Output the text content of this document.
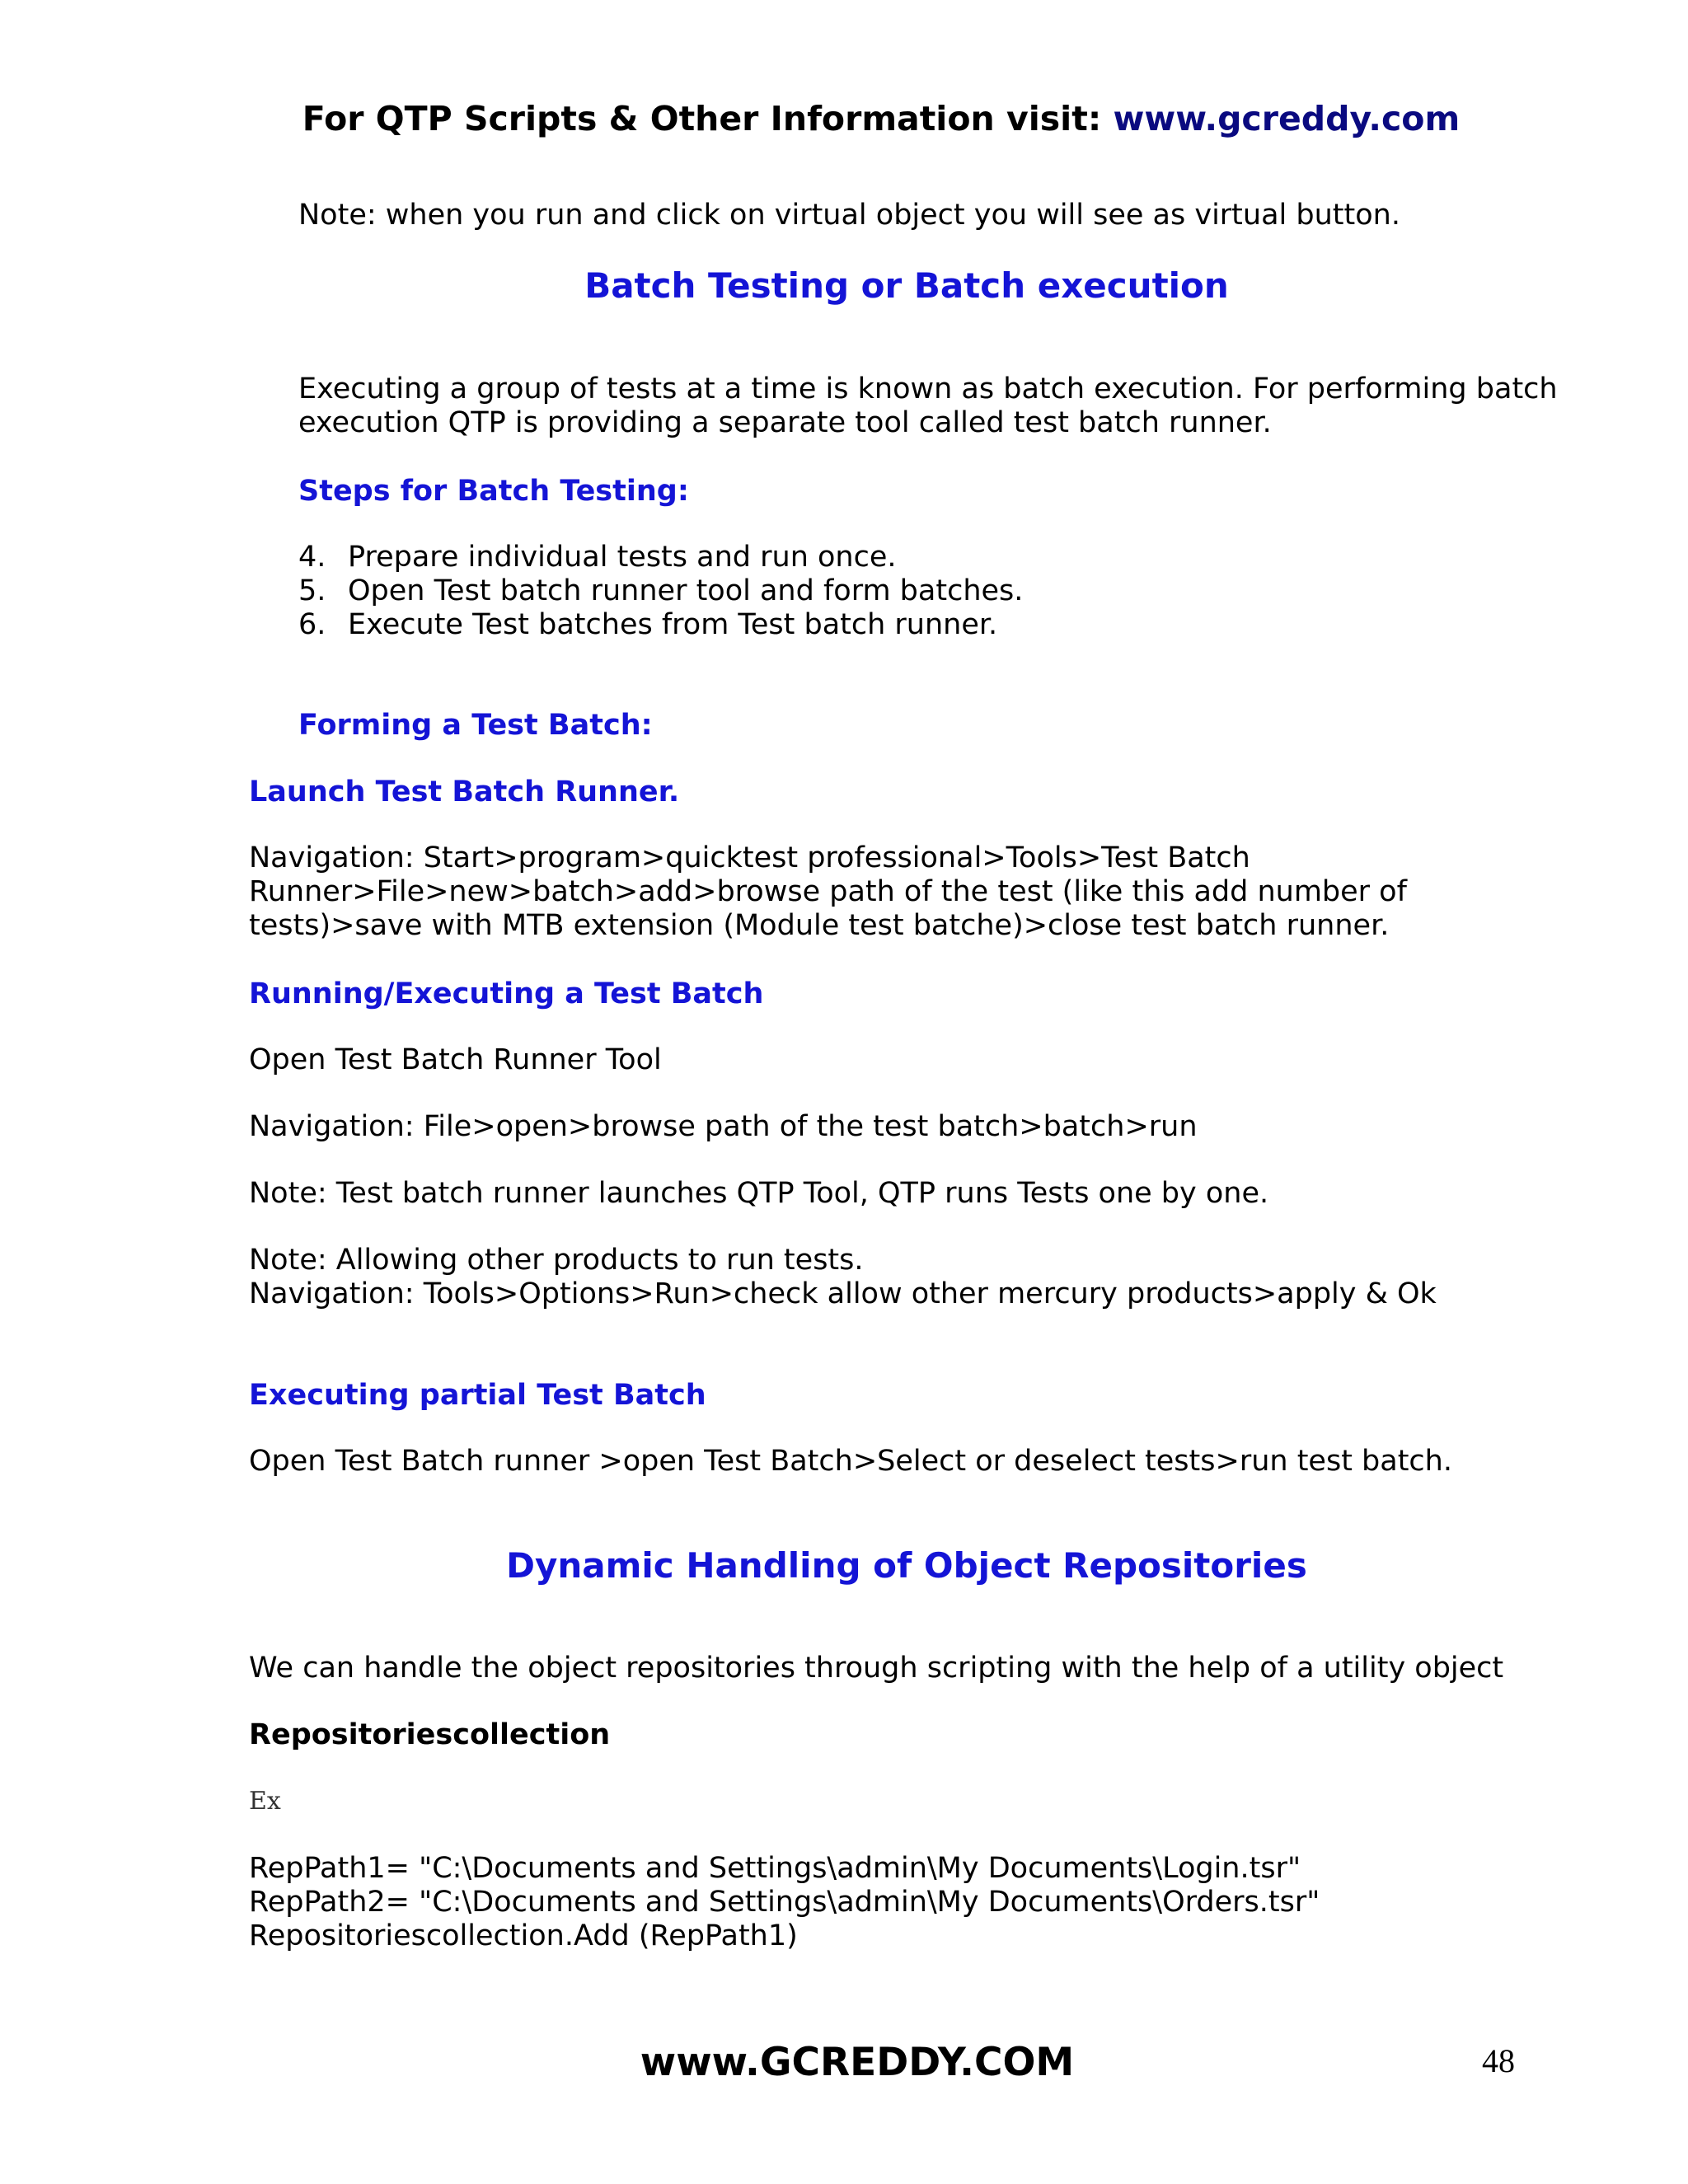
For QTP Scripts & Other Information visit: www.gcreddy.com
Note: when you run and click on virtual object you will see as virtual button.
Batch Testing or Batch execution
Executing a group of tests at a time is known as batch execution. For performing batch
execution QTP is providing a separate tool called test batch runner.
Steps for Batch Testing:
4. Prepare individual tests and run once.
5. Open Test batch runner tool and form batches.
6. Execute Test batches from Test batch runner.
Forming a Test Batch:
Launch Test Batch Runner.
Navigation: Start>program>quicktest professional>Tools>Test Batch
Runner>File>new>batch>add>browse path of the test (like this add number of
tests)>save with MTB extension (Module test batche)>close test batch runner.
Running/Executing a Test Batch
Open Test Batch Runner Tool
Navigation: File>open>browse path of the test batch>batch>run
Note: Test batch runner launches QTP Tool, QTP runs Tests one by one.
Note: Allowing other products to run tests.
Navigation: Tools>Options>Run>check allow other mercury products>apply & Ok
Executing partial Test Batch
Open Test Batch runner >open Test Batch>Select or deselect tests>run test batch.
Dynamic Handling of Object Repositories
We can handle the object repositories through scripting with the help of a utility object
Repositoriescollection
Ex
RepPath1= "C:\Documents and Settings\admin\My Documents\Login.tsr"
RepPath2= "C:\Documents and Settings\admin\My Documents\Orders.tsr"
Repositoriescollection.Add (RepPath1)
www.GCREDDY.COM	48
